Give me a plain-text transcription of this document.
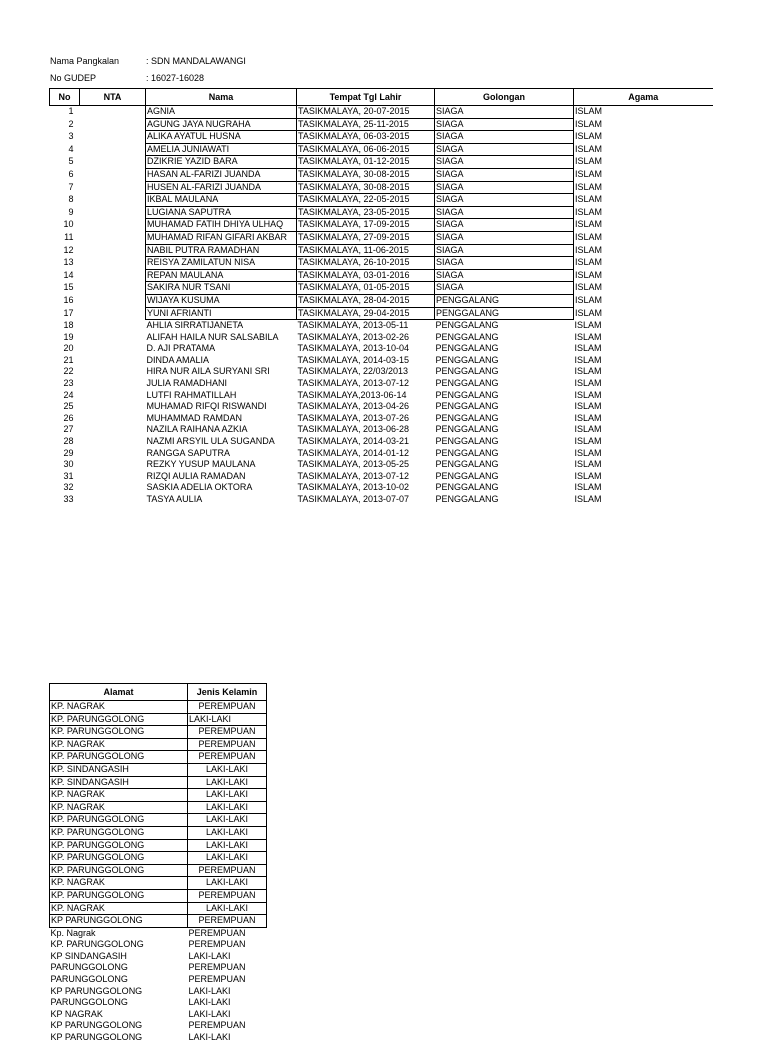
Nama Pangkalan	: SDN MANDALAWANGI
No GUDEP	: 16027-16028
No	NTA	Nama	Tempat Tgl Lahir	Golongan	Agama
1		AGNIA	TASIKMALAYA, 20-07-2015	SIAGA	ISLAM
2		AGUNG JAYA NUGRAHA	TASIKMALAYA, 25-11-2015	SIAGA	ISLAM
3		ALIKA AYATUL HUSNA	TASIKMALAYA, 06-03-2015	SIAGA	ISLAM
4		AMELIA JUNIAWATI	TASIKMALAYA, 06-06-2015	SIAGA	ISLAM
5		DZIKRIE YAZID BARA	TASIKMALAYA, 01-12-2015	SIAGA	ISLAM
6		HASAN AL-FARIZI JUANDA	TASIKMALAYA, 30-08-2015	SIAGA	ISLAM
7		HUSEN AL-FARIZI JUANDA	TASIKMALAYA, 30-08-2015	SIAGA	ISLAM
8		IKBAL MAULANA	TASIKMALAYA, 22-05-2015	SIAGA	ISLAM
9		LUGIANA SAPUTRA	TASIKMALAYA, 23-05-2015	SIAGA	ISLAM
10		MUHAMAD FATIH DHIYA ULHAQ	TASIKMALAYA, 17-09-2015	SIAGA	ISLAM
11		MUHAMAD RIFAN GIFARI AKBAR	TASIKMALAYA, 27-09-2015	SIAGA	ISLAM
12		NABIL PUTRA RAMADHAN	TASIKMALAYA, 11-06-2015	SIAGA	ISLAM
13		REISYA ZAMILATUN NISA	TASIKMALAYA, 26-10-2015	SIAGA	ISLAM
14		REPAN MAULANA	TASIKMALAYA, 03-01-2016	SIAGA	ISLAM
15		SAKIRA NUR TSANI	TASIKMALAYA, 01-05-2015	SIAGA	ISLAM
16		WIJAYA KUSUMA	TASIKMALAYA, 28-04-2015	PENGGALANG	ISLAM
17		YUNI AFRIANTI	TASIKMALAYA, 29-04-2015	PENGGALANG	ISLAM
18		AHLIA SIRRATIJANETA	TASIKMALAYA, 2013-05-11	PENGGALANG	ISLAM
19		ALIFAH HAILA NUR SALSABILA	TASIKMALAYA, 2013-02-26	PENGGALANG	ISLAM
20		D. AJI PRATAMA	TASIKMALAYA, 2013-10-04	PENGGALANG	ISLAM
21		DINDA AMALIA	TASIKMALAYA, 2014-03-15	PENGGALANG	ISLAM
22		HIRA NUR AILA SURYANI SRI	TASIKMALAYA, 22/03/2013	PENGGALANG	ISLAM
23		JULIA RAMADHANI	TASIKMALAYA, 2013-07-12	PENGGALANG	ISLAM
24		LUTFI RAHMATILLAH	TASIKMALAYA,2013-06-14	PENGGALANG	ISLAM
25		MUHAMAD RIFQI RISWANDI	TASIKMALAYA, 2013-04-26	PENGGALANG	ISLAM
26		MUHAMMAD RAMDAN	TASIKMALAYA, 2013-07-26	PENGGALANG	ISLAM
27		NAZILA RAIHANA AZKIA	TASIKMALAYA, 2013-06-28	PENGGALANG	ISLAM
28		NAZMI ARSYIL ULA SUGANDA	TASIKMALAYA, 2014-03-21	PENGGALANG	ISLAM
29		RANGGA SAPUTRA	TASIKMALAYA, 2014-01-12	PENGGALANG	ISLAM
30		REZKY YUSUP MAULANA	TASIKMALAYA, 2013-05-25	PENGGALANG	ISLAM
31		RIZQI AULIA RAMADAN	TASIKMALAYA, 2013-07-12	PENGGALANG	ISLAM
32		SASKIA ADELIA OKTORA	TASIKMALAYA, 2013-10-02	PENGGALANG	ISLAM
33		TASYA AULIA	TASIKMALAYA, 2013-07-07	PENGGALANG	ISLAM
Alamat	Jenis Kelamin
KP. NAGRAK	PEREMPUAN
KP. PARUNGGOLONG	LAKI-LAKI
KP. PARUNGGOLONG	PEREMPUAN
KP. NAGRAK	PEREMPUAN
KP. PARUNGGOLONG	PEREMPUAN
KP. SINDANGASIH	LAKI-LAKI
KP. SINDANGASIH	LAKI-LAKI
KP. NAGRAK	LAKI-LAKI
KP. NAGRAK	LAKI-LAKI
KP. PARUNGGOLONG	LAKI-LAKI
KP. PARUNGGOLONG	LAKI-LAKI
KP. PARUNGGOLONG	LAKI-LAKI
KP. PARUNGGOLONG	LAKI-LAKI
KP. PARUNGGOLONG	PEREMPUAN
KP. NAGRAK	LAKI-LAKI
KP. PARUNGGOLONG	PEREMPUAN
KP. NAGRAK	LAKI-LAKI
KP PARUNGGOLONG	PEREMPUAN
Kp. Nagrak	PEREMPUAN
KP. PARUNGGOLONG	PEREMPUAN
KP SINDANGASIH	LAKI-LAKI
PARUNGGOLONG	PEREMPUAN
PARUNGGOLONG	PEREMPUAN
KP PARUNGGOLONG	LAKI-LAKI
PARUNGGOLONG	LAKI-LAKI
KP NAGRAK	LAKI-LAKI
KP PARUNGGOLONG	PEREMPUAN
KP PARUNGGOLONG	LAKI-LAKI
